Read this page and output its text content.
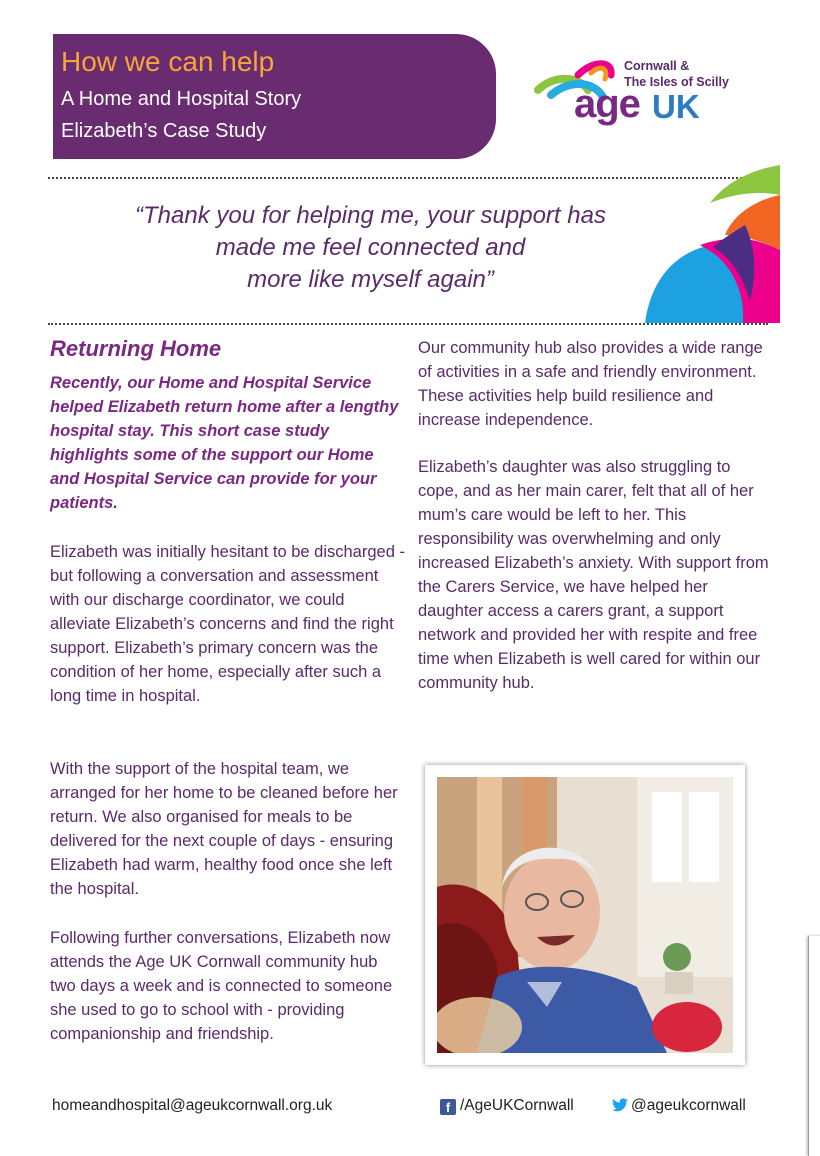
How we can help
A Home and Hospital Story
Elizabeth’s Case Study
Cornwall &
The Isles of Scilly
age UK
“Thank you for helping me, your support has
made me feel connected and
more like myself again”
Returning Home
Recently, our Home and Hospital Service helped Elizabeth return home after a lengthy hospital stay. This short case study highlights some of the support our Home and Hospital Service can provide for your patients.
Elizabeth was initially hesitant to be discharged - but following a conversation and assessment with our discharge coordinator, we could alleviate Elizabeth’s concerns and find the right support. Elizabeth’s primary concern was the condition of her home, especially after such a long time in hospital.
With the support of the hospital team, we arranged for her home to be cleaned before her return. We also organised for meals to be delivered for the next couple of days - ensuring Elizabeth had warm, healthy food once she left the hospital.
Following further conversations, Elizabeth now attends the Age UK Cornwall community hub two days a week and is connected to someone she used to go to school with - providing companionship and friendship.
Our community hub also provides a wide range of activities in a safe and friendly environment. These activities help build resilience and increase independence.
Elizabeth’s daughter was also struggling to cope, and as her main carer, felt that all of her mum’s care would be left to her. This responsibility was overwhelming and only increased Elizabeth’s anxiety. With support from the Carers Service, we have helped her daughter access a carers grant, a support network and provided her with respite and free time when Elizabeth is well cared for within our community hub.
homeandhospital@ageukcornwall.org.uk	f /AgeUKCornwall	@ageukcornwall
